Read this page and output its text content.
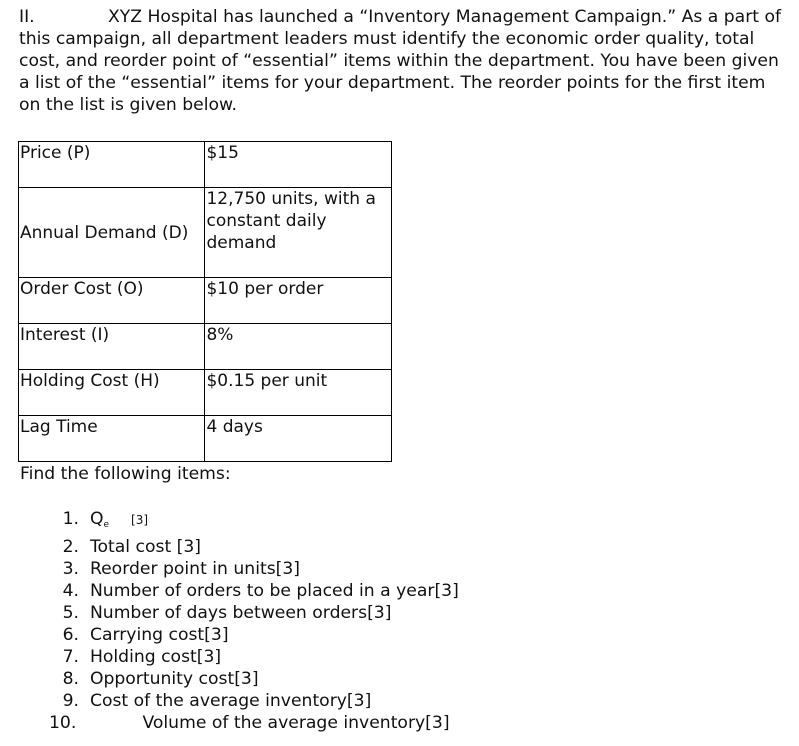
II.	XYZ Hospital has launched a “Inventory Management Campaign.” As a part of this campaign, all department leaders must identify the economic order quality, total cost, and reorder point of “essential” items within the department. You have been given a list of the “essential” items for your department. The reorder points for the first item on the list is given below.

Price (P)	$15
Annual Demand (D)	12,750 units, with a constant daily demand
Order Cost (O)	$10 per order
Interest (I)	8%
Holding Cost (H)	$0.15 per unit
Lag Time	4 days

Find the following items:

1. $Q_e$ [3]
2. Total cost [3]
3. Reorder point in units[3]
4. Number of orders to be placed in a year[3]
5. Number of days between orders[3]
6. Carrying cost[3]
7. Holding cost[3]
8. Opportunity cost[3]
9. Cost of the average inventory[3]
10.	Volume of the average inventory[3]
